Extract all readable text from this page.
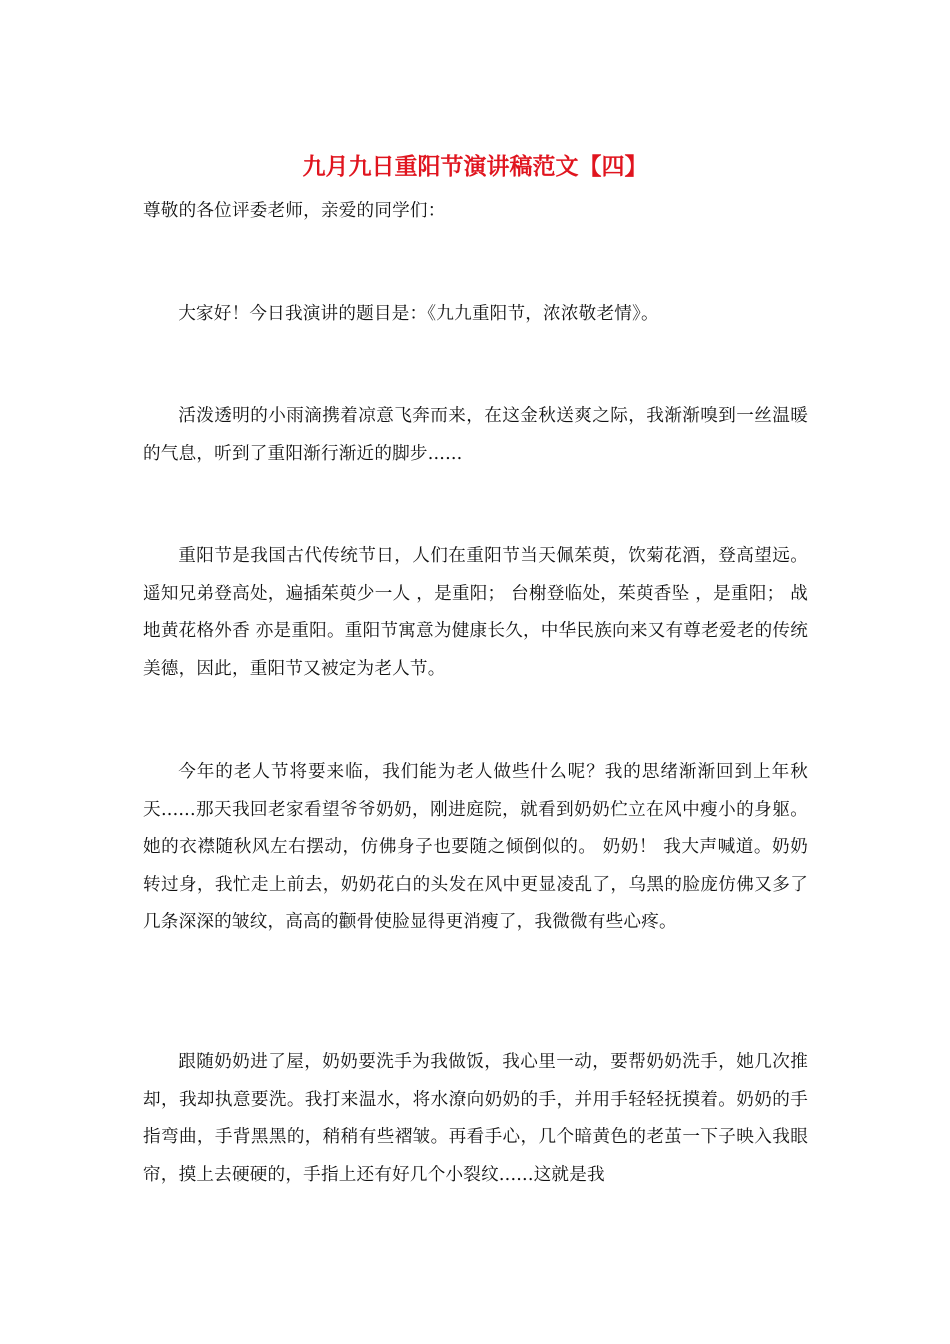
九月九日重阳节演讲稿范文【四】

尊敬的各位评委老师，亲爱的同学们：

大家好！今日我演讲的题目是：《九九重阳节，浓浓敬老情》。

活泼透明的小雨滴携着凉意飞奔而来，在这金秋送爽之际，我渐渐嗅到一丝温暖的气息，听到了重阳渐行渐近的脚步......

重阳节是我国古代传统节日，人们在重阳节当天佩茱萸，饮菊花酒，登高望远。 遥知兄弟登高处，遍插茱萸少一人 ，是重阳； 台榭登临处，茱萸香坠 ，是重阳； 战地黄花格外香 亦是重阳。重阳节寓意为健康长久，中华民族向来又有尊老爱老的传统美德，因此，重阳节又被定为老人节。

今年的老人节将要来临，我们能为老人做些什么呢？我的思绪渐渐回到上年秋天......那天我回老家看望爷爷奶奶，刚进庭院，就看到奶奶伫立在风中瘦小的身躯。她的衣襟随秋风左右摆动，仿佛身子也要随之倾倒似的。 奶奶！ 我大声喊道。奶奶转过身，我忙走上前去，奶奶花白的头发在风中更显凌乱了，乌黑的脸庞仿佛又多了几条深深的皱纹，高高的颧骨使脸显得更消瘦了，我微微有些心疼。

跟随奶奶进了屋，奶奶要洗手为我做饭，我心里一动，要帮奶奶洗手，她几次推却，我却执意要洗。我打来温水，将水潦向奶奶的手，并用手轻轻抚摸着。奶奶的手指弯曲，手背黑黑的，稍稍有些褶皱。再看手心，几个暗黄色的老茧一下子映入我眼帘，摸上去硬硬的，手指上还有好几个小裂纹......这就是我
